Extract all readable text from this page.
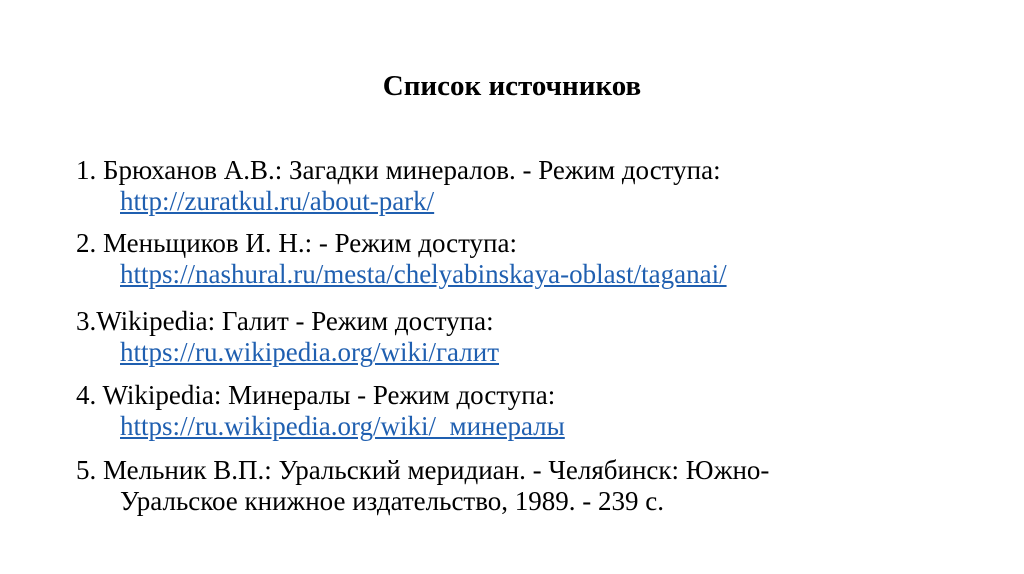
Список источников
1. Брюханов А.В.: Загадки минералов. - Режим доступа:
http://zuratkul.ru/about-park/
2. Меньщиков И. Н.: - Режим доступа:
https://nashural.ru/mesta/chelyabinskaya-oblast/taganai/
3.Wikipedia: Галит - Режим доступа:
https://ru.wikipedia.org/wiki/галит
4. Wikipedia: Минералы - Режим доступа:
https://ru.wikipedia.org/wiki/_минералы
5. Мельник В.П.: Уральский меридиан. - Челябинск: Южно-
Уральское книжное издательство, 1989. - 239 с.
